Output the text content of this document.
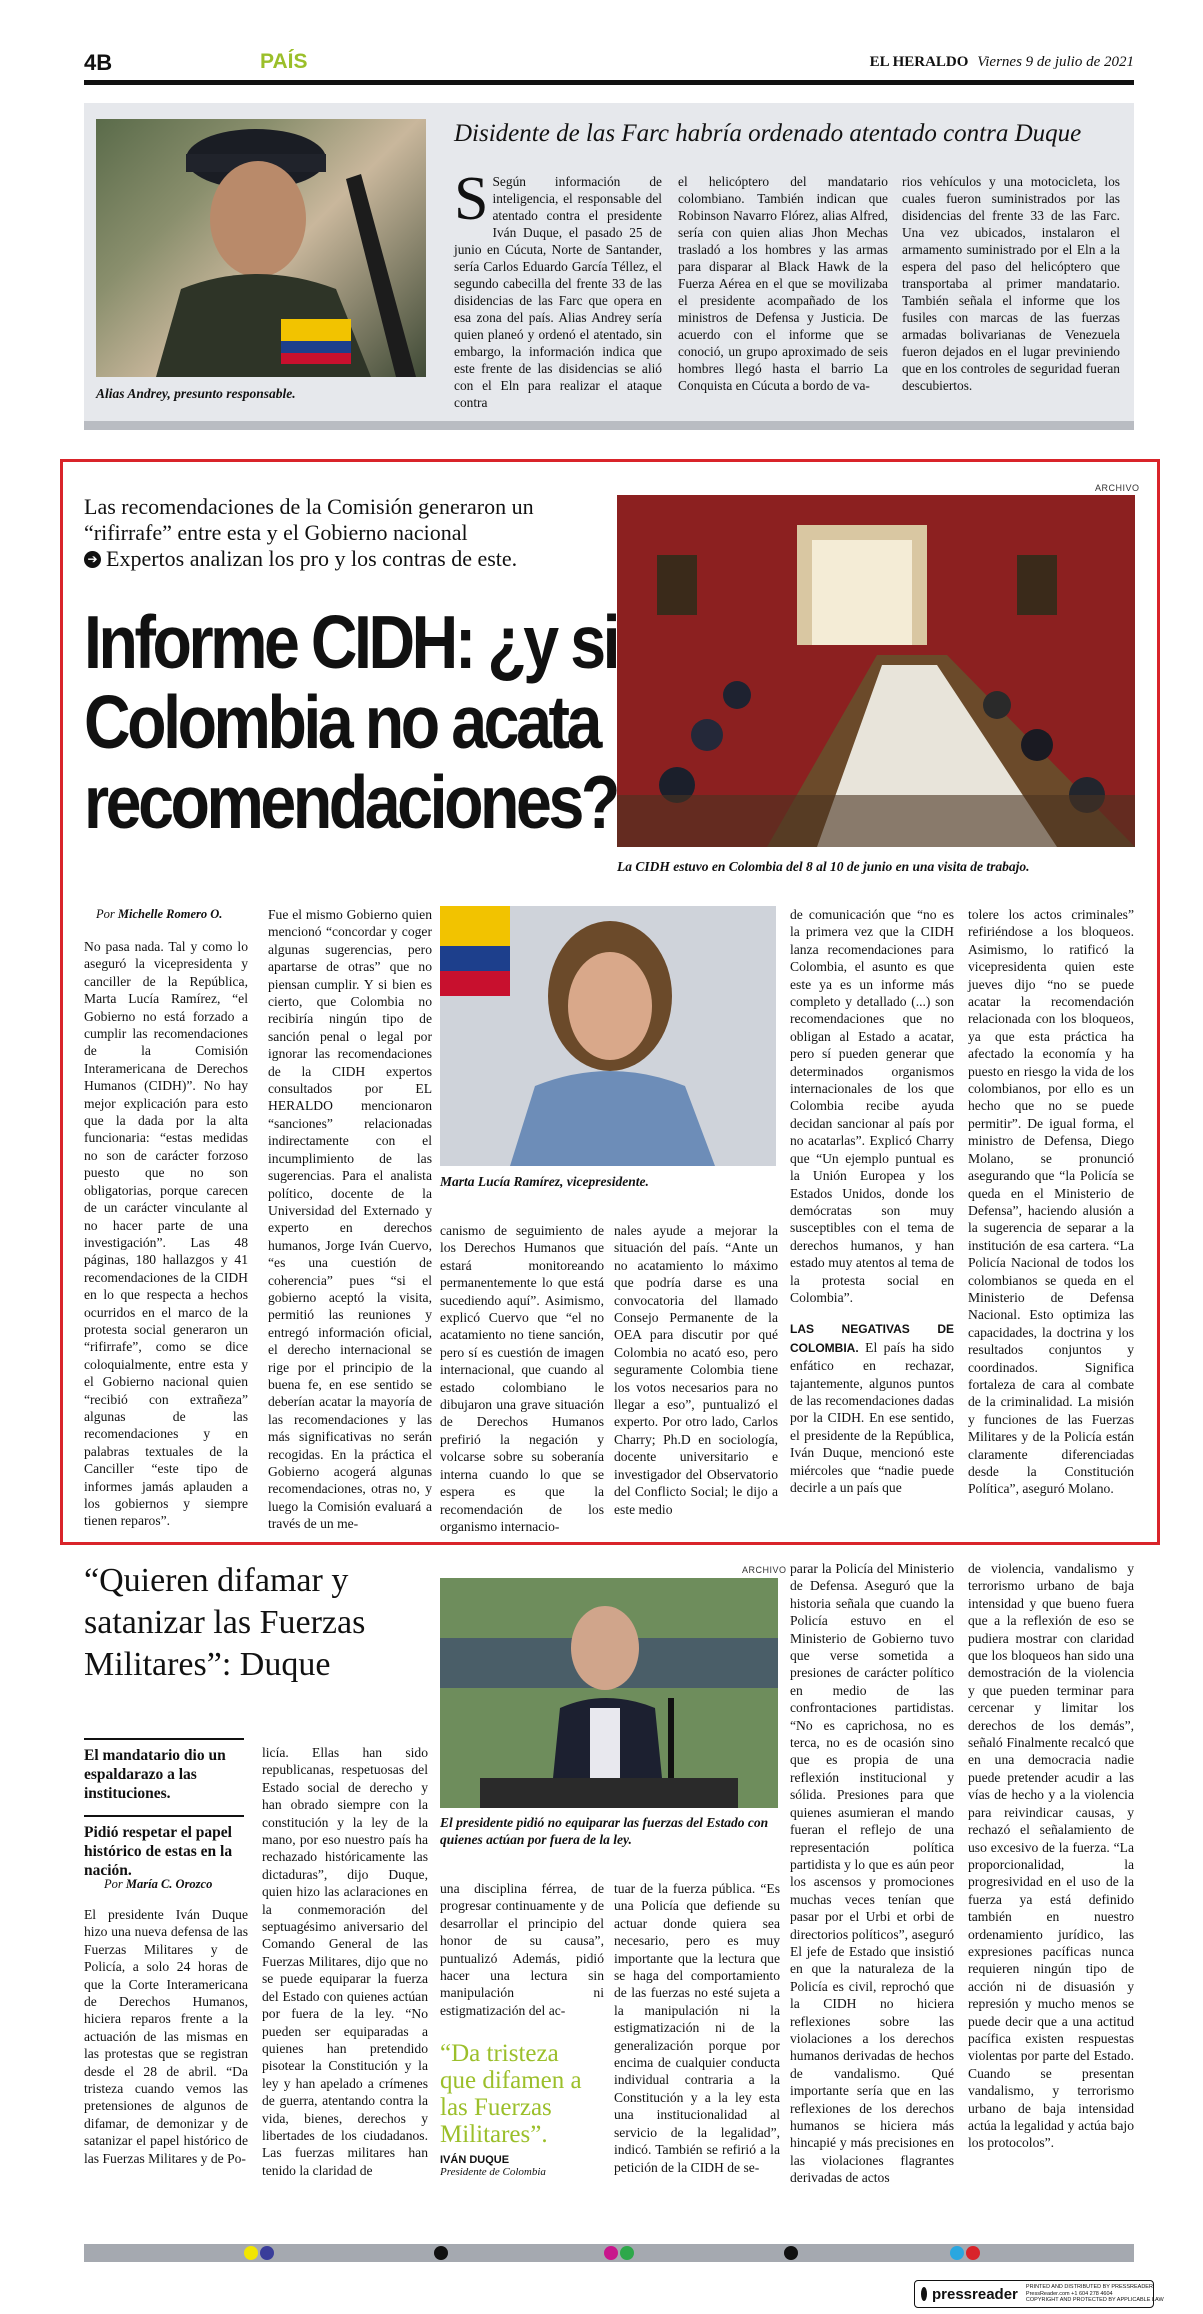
4B	PAÍS	EL HERALDO Viernes 9 de julio de 2021
Alias Andrey, presunto responsable.
Disidente de las Farc habría ordenado atentado contra Duque
S Según información de inteligencia, el responsable del atentado contra el presidente Iván Duque, el pasado 25 de junio en Cúcuta, Norte de Santander, sería Carlos Eduardo García Téllez, el segundo cabecilla del frente 33 de las disidencias de las Farc que opera en esa zona del país. Alias Andrey sería quien planeó y ordenó el atentado, sin embargo, la información indica que este frente de las disidencias se alió con el Eln para realizar el ataque contra
el helicóptero del mandatario colombiano. También indican que Robinson Navarro Flórez, alias Alfred, sería con quien alias Jhon Mechas trasladó a los hombres y las armas para disparar al Black Hawk de la Fuerza Aérea en el que se movilizaba el presidente acompañado de los ministros de Defensa y Justicia. De acuerdo con el informe que se conoció, un grupo aproximado de seis hombres llegó hasta el barrio La Conquista en Cúcuta a bordo de va-
rios vehículos y una motocicleta, los cuales fueron suministrados por las disidencias del frente 33 de las Farc. Una vez ubicados, instalaron el armamento suministrado por el Eln a la espera del paso del helicóptero que transportaba al primer mandatario. También señala el informe que los fusiles con marcas de las fuerzas armadas bolivarianas de Venezuela fueron dejados en el lugar previniendo que en los controles de seguridad fueran descubiertos.
Las recomendaciones de la Comisión generaron un “rifirrafe” entre esta y el Gobierno nacional
➔ Expertos analizan los pro y los contras de este.
Informe CIDH: ¿y si Colombia no acata recomendaciones?
ARCHIVO
La CIDH estuvo en Colombia del 8 al 10 de junio en una visita de trabajo.
Por Michelle Romero O.
No pasa nada. Tal y como lo aseguró la vicepresidenta y canciller de la República, Marta Lucía Ramírez, “el Gobierno no está forzado a cumplir las recomendaciones de la Comisión Interamericana de Derechos Humanos (CIDH)”. No hay mejor explicación para esto que la dada por la alta funcionaria: “estas medidas no son de carácter forzoso puesto que no son obligatorias, porque carecen de un carácter vinculante al no hacer parte de una investigación”. Las 48 páginas, 180 hallazgos y 41 recomendaciones de la CIDH en lo que respecta a hechos ocurridos en el marco de la protesta social generaron un “rifirrafe”, como se dice coloquialmente, entre esta y el Gobierno nacional quien “recibió con extrañeza” algunas de las recomendaciones y en palabras textuales de la Canciller “este tipo de informes jamás aplauden a los gobiernos y siempre tienen reparos”.
Fue el mismo Gobierno quien mencionó “concordar y coger algunas sugerencias, pero apartarse de otras” que no piensan cumplir. Y si bien es cierto, que Colombia no recibiría ningún tipo de sanción penal o legal por ignorar las recomendaciones de la CIDH expertos consultados por EL HERALDO mencionaron “sanciones” relacionadas indirectamente con el incumplimiento de las sugerencias. Para el analista político, docente de la Universidad del Externado y experto en derechos humanos, Jorge Iván Cuervo, “es una cuestión de coherencia” pues “si el gobierno aceptó la visita, permitió las reuniones y entregó información oficial, el derecho internacional se rige por el principio de la buena fe, en ese sentido se deberían acatar la mayoría de las recomendaciones y las más significativas no serán recogidas. En la práctica el Gobierno acogerá algunas recomendaciones, otras no, y luego la Comisión evaluará a través de un me-
Marta Lucía Ramírez, vicepresidente.
canismo de seguimiento de los Derechos Humanos que estará monitoreando permanentemente lo que está sucediendo aquí”. Asimismo, explicó Cuervo que “el no acatamiento no tiene sanción, pero sí es cuestión de imagen internacional, que cuando al estado colombiano le dibujaron una grave situación de Derechos Humanos prefirió la negación y volcarse sobre su soberanía interna cuando lo que se espera es que la recomendación de los organismo internacio-
nales ayude a mejorar la situación del país. “Ante un no acatamiento lo máximo que podría darse es una convocatoria del llamado Consejo Permanente de la OEA para discutir por qué Colombia no acató eso, pero seguramente Colombia tiene los votos necesarios para no llegar a eso”, puntualizó el experto. Por otro lado, Carlos Charry; Ph.D en sociología, docente universitario e investigador del Observatorio del Conflicto Social; le dijo a este medio

de comunicación que “no es la primera vez que la CIDH lanza recomendaciones para Colombia, el asunto es que este ya es un informe más completo y detallado (...) son recomendaciones que no obligan al Estado a acatar, pero sí pueden generar que determinados organismos internacionales de los que Colombia recibe ayuda decidan sancionar al país por no acatarlas”. Explicó Charry que “Un ejemplo puntual es la Unión Europea y los Estados Unidos, donde los demócratas son muy susceptibles con el tema de derechos humanos, y han estado muy atentos al tema de la protesta social en Colombia”.

LAS NEGATIVAS DE COLOMBIA. El país ha sido enfático en rechazar, tajantemente, algunos puntos de las recomendaciones dadas por la CIDH. En ese sentido, el presidente de la República, Iván Duque, mencionó este miércoles que “nadie puede decirle a un país que

tolere los actos criminales” refiriéndose a los bloqueos. Asimismo, lo ratificó la vicepresidenta quien este jueves dijo “no se puede acatar la recomendación relacionada con los bloqueos, ya que esta práctica ha afectado la economía y ha puesto en riesgo la vida de los colombianos, por ello es un hecho que no se puede permitir”. De igual forma, el ministro de Defensa, Diego Molano, se pronunció asegurando que “la Policía se queda en el Ministerio de Defensa”, haciendo alusión a la sugerencia de separar a la institución de esa cartera. “La Policía Nacional de todos los colombianos se queda en el Ministerio de Defensa Nacional. Esto optimiza las capacidades, la doctrina y los resultados conjuntos y coordinados. Significa fortaleza de cara al combate de la criminalidad. La misión y funciones de las Fuerzas Militares y de la Policía están claramente diferenciadas desde la Constitución Política”, aseguró Molano.
“Quieren difamar y satanizar las Fuerzas Militares”: Duque
El mandatario dio un espaldarazo a las instituciones.
Pidió respetar el papel histórico de estas en la nación.
Por María C. Orozco
El presidente Iván Duque hizo una nueva defensa de las Fuerzas Militares y de Policía, a solo 24 horas de que la Corte Interamericana de Derechos Humanos, hiciera reparos frente a la actuación de las mismas en las protestas que se registran desde el 28 de abril. “Da tristeza cuando vemos las pretensiones de algunos de difamar, de demonizar y de satanizar el papel histórico de las Fuerzas Militares y de Po-
licía. Ellas han sido republicanas, respetuosas del Estado social de derecho y han obrado siempre con la constitución y la ley de la mano, por eso nuestro país ha rechazado históricamente las dictaduras”, dijo Duque, quien hizo las aclaraciones en la conmemoración del septuagésimo aniversario del Comando General de las Fuerzas Militares, dijo que no se puede equiparar la fuerza del Estado con quienes actúan por fuera de la ley. “No pueden ser equiparadas a quienes han pretendido pisotear la Constitución y la ley y han apelado a crímenes de guerra, atentando contra la vida, bienes, derechos y libertades de los ciudadanos. Las fuerzas militares han tenido la claridad de
ARCHIVO
El presidente pidió no equiparar las fuerzas del Estado con quienes actúan por fuera de la ley.
una disciplina férrea, de progresar continuamente y de desarrollar el principio del honor de su causa”, puntualizó Además, pidió hacer una lectura sin manipulación ni estigmatización del ac-
tuar de la fuerza pública. “Es una Policía que defiende su actuar donde quiera sea necesario, pero es muy importante que la lectura que se haga del comportamiento de las fuerzas no esté sujeta a la manipulación ni la estigmatización ni de la generalización porque por encima de cualquier conducta individual contraria a la Constitución y a la ley esta una institucionalidad al servicio de la legalidad”, indicó. También se refirió a la petición de la CIDH de se-
“Da tristeza que difamen a las Fuerzas Militares”.
IVÁN DUQUE
Presidente de Colombia
parar la Policía del Ministerio de Defensa. Aseguró que la historia señala que cuando la Policía estuvo en el Ministerio de Gobierno tuvo que verse sometida a presiones de carácter político en medio de las confrontaciones partidistas. “No es caprichosa, no es terca, no es de ocasión sino que es propia de una reflexión institucional y sólida. Presiones para que quienes asumieran el mando fueran el reflejo de una representación política partidista y lo que es aún peor los ascensos y promociones muchas veces tenían que pasar por el Urbi et orbi de directorios políticos”, aseguró El jefe de Estado que insistió en que la naturaleza de la Policía es civil, reprochó que la CIDH no hiciera reflexiones sobre las violaciones a los derechos humanos derivadas de hechos de vandalismo. Qué importante sería que en las reflexiones de los derechos humanos se hiciera más hincapié y más precisiones en las violaciones flagrantes derivadas de actos
de violencia, vandalismo y terrorismo urbano de baja intensidad y que bueno fuera que a la reflexión de eso se pudiera mostrar con claridad que los bloqueos han sido una demostración de la violencia y que pueden terminar para cercenar y limitar los derechos de los demás”, señaló Finalmente recalcó que en una democracia nadie puede pretender acudir a las vías de hecho y a la violencia para reivindicar causas, y rechazó el señalamiento de uso excesivo de la fuerza. “La proporcionalidad, la progresividad en el uso de la fuerza ya está definido también en nuestro ordenamiento jurídico, las expresiones pacíficas nunca requieren ningún tipo de acción ni de disuasión y represión y mucho menos se puede decir que a una actitud pacífica existen respuestas violentas por parte del Estado. Cuando se presentan vandalismo, y terrorismo urbano de baja intensidad actúa la legalidad y actúa bajo los protocolos”.
pressreader PRINTED AND DISTRIBUTED BY PRESSREADER
PressReader.com +1 604 278 4604
COPYRIGHT AND PROTECTED BY APPLICABLE LAW
